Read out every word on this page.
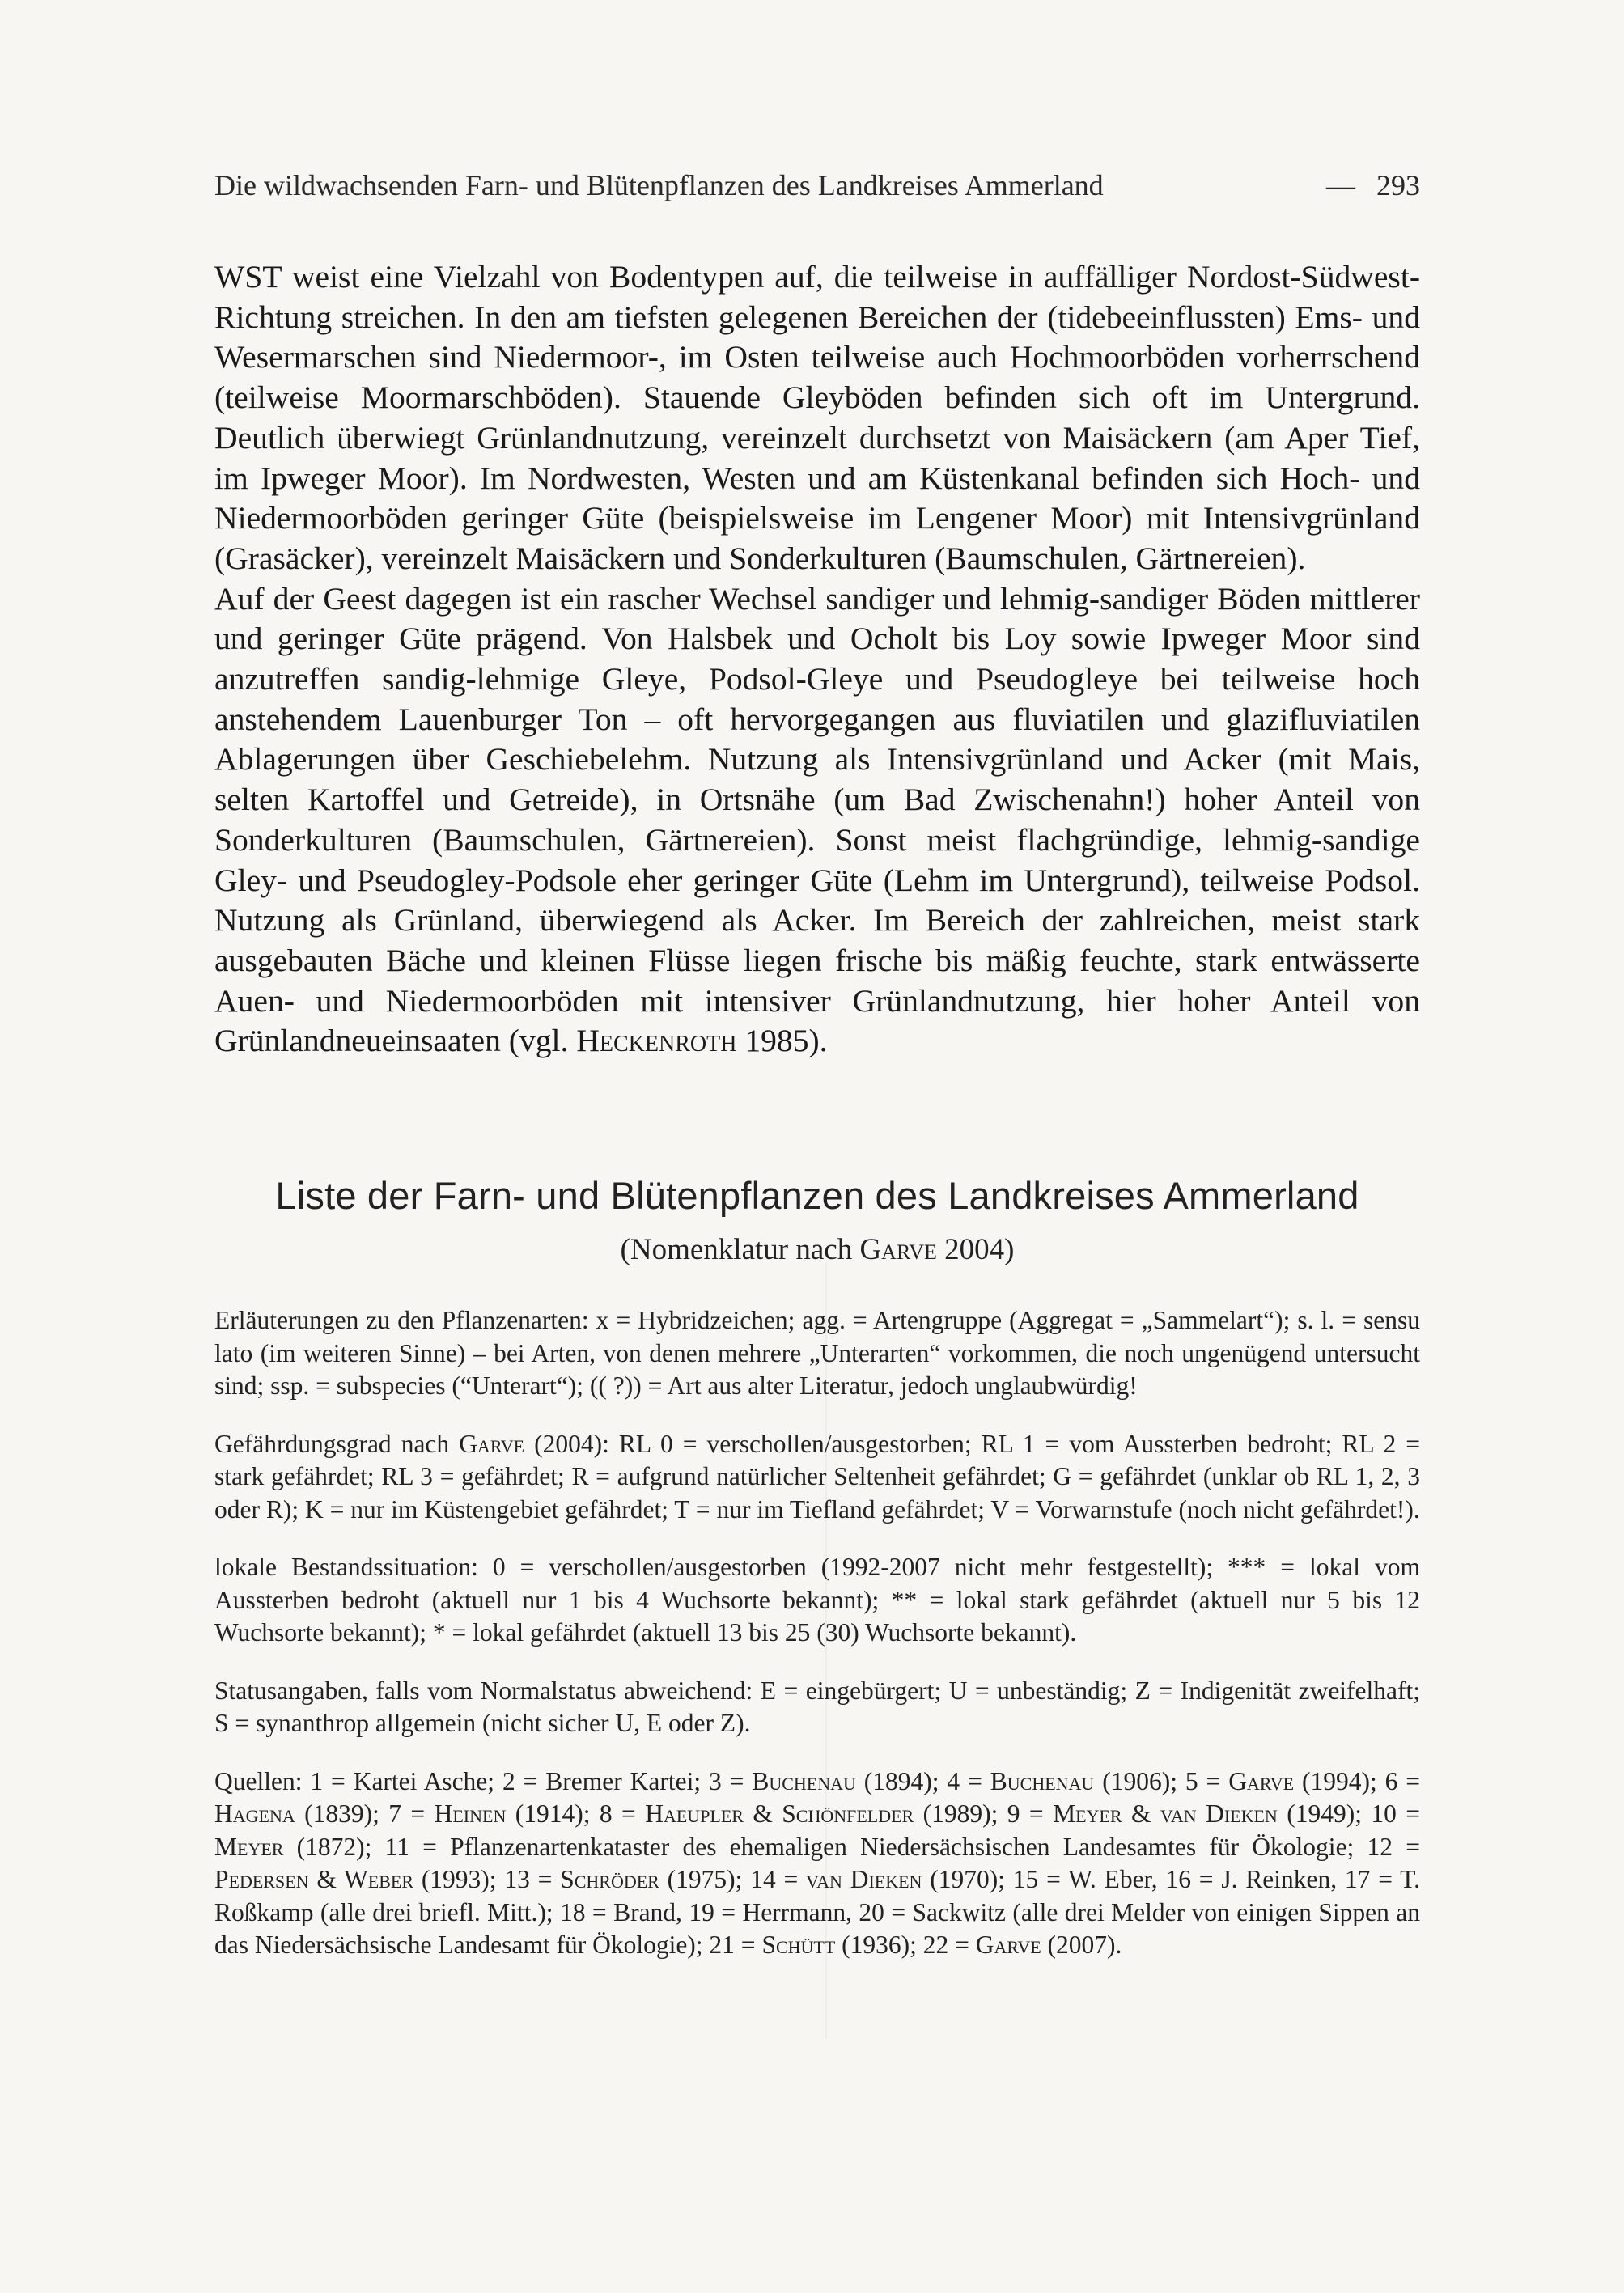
Die wildwachsenden Farn- und Blütenpflanzen des Landkreises Ammerland	— 293

WST weist eine Vielzahl von Bodentypen auf, die teilweise in auffälliger Nordost-Südwest-Richtung streichen. In den am tiefsten gelegenen Bereichen der (tidebeeinflussten) Ems- und Wesermarschen sind Niedermoor-, im Osten teilweise auch Hochmoorböden vorherrschend (teilweise Moormarschböden). Stauende Gleyböden befinden sich oft im Untergrund. Deutlich überwiegt Grünlandnutzung, vereinzelt durchsetzt von Maisäckern (am Aper Tief, im Ipweger Moor). Im Nordwesten, Westen und am Küstenkanal befinden sich Hoch- und Niedermoorböden geringer Güte (beispielsweise im Lengener Moor) mit Intensivgrünland (Grasäcker), vereinzelt Maisäckern und Sonderkulturen (Baumschulen, Gärtnereien).

Auf der Geest dagegen ist ein rascher Wechsel sandiger und lehmig-sandiger Böden mittlerer und geringer Güte prägend. Von Halsbek und Ocholt bis Loy sowie Ipweger Moor sind anzutreffen sandig-lehmige Gleye, Podsol-Gleye und Pseudogleye bei teilweise hoch anstehendem Lauenburger Ton – oft hervorgegangen aus fluviatilen und glazifluviatilen Ablagerungen über Geschiebelehm. Nutzung als Intensivgrünland und Acker (mit Mais, selten Kartoffel und Getreide), in Ortsnähe (um Bad Zwischenahn!) hoher Anteil von Sonderkulturen (Baumschulen, Gärtnereien). Sonst meist flachgründige, lehmig-sandige Gley- und Pseudogley-Podsole eher geringer Güte (Lehm im Untergrund), teilweise Podsol. Nutzung als Grünland, überwiegend als Acker. Im Bereich der zahlreichen, meist stark ausgebauten Bäche und kleinen Flüsse liegen frische bis mäßig feuchte, stark entwässerte Auen- und Niedermoorböden mit intensiver Grünlandnutzung, hier hoher Anteil von Grünlandneueinsaaten (vgl. Heckenroth 1985).

Liste der Farn- und Blütenpflanzen des Landkreises Ammerland
(Nomenklatur nach Garve 2004)

Erläuterungen zu den Pflanzenarten: x = Hybridzeichen; agg. = Artengruppe (Aggregat = „Sammelart“); s. l. = sensu lato (im weiteren Sinne) – bei Arten, von denen mehrere „Unterarten“ vorkommen, die noch ungenügend untersucht sind; ssp. = subspecies (“Unterart“); (( ?)) = Art aus alter Literatur, jedoch unglaubwürdig!

Gefährdungsgrad nach Garve (2004): RL 0 = verschollen/ausgestorben; RL 1 = vom Aussterben bedroht; RL 2 = stark gefährdet; RL 3 = gefährdet; R = aufgrund natürlicher Seltenheit gefährdet; G = gefährdet (unklar ob RL 1, 2, 3 oder R); K = nur im Küstengebiet gefährdet; T = nur im Tiefland gefährdet; V = Vorwarnstufe (noch nicht gefährdet!).

lokale Bestandssituation: 0 = verschollen/ausgestorben (1992-2007 nicht mehr festgestellt); *** = lokal vom Aussterben bedroht (aktuell nur 1 bis 4 Wuchsorte bekannt); ** = lokal stark gefährdet (aktuell nur 5 bis 12 Wuchsorte bekannt); * = lokal gefährdet (aktuell 13 bis 25 (30) Wuchsorte bekannt).

Statusangaben, falls vom Normalstatus abweichend: E = eingebürgert; U = unbeständig; Z = Indigenität zweifelhaft; S = synanthrop allgemein (nicht sicher U, E oder Z).

Quellen: 1 = Kartei Asche; 2 = Bremer Kartei; 3 = Buchenau (1894); 4 = Buchenau (1906); 5 = Garve (1994); 6 = Hagena (1839); 7 = Heinen (1914); 8 = Haeupler & Schönfelder (1989); 9 = Meyer & van Dieken (1949); 10 = Meyer (1872); 11 = Pflanzenartenkataster des ehemaligen Niedersächsischen Landesamtes für Ökologie; 12 = Pedersen & Weber (1993); 13 = Schröder (1975); 14 = van Dieken (1970); 15 = W. Eber, 16 = J. Reinken, 17 = T. Roßkamp (alle drei briefl. Mitt.); 18 = Brand, 19 = Herrmann, 20 = Sackwitz (alle drei Melder von einigen Sippen an das Niedersächsische Landesamt für Ökologie); 21 = Schütt (1936); 22 = Garve (2007).
